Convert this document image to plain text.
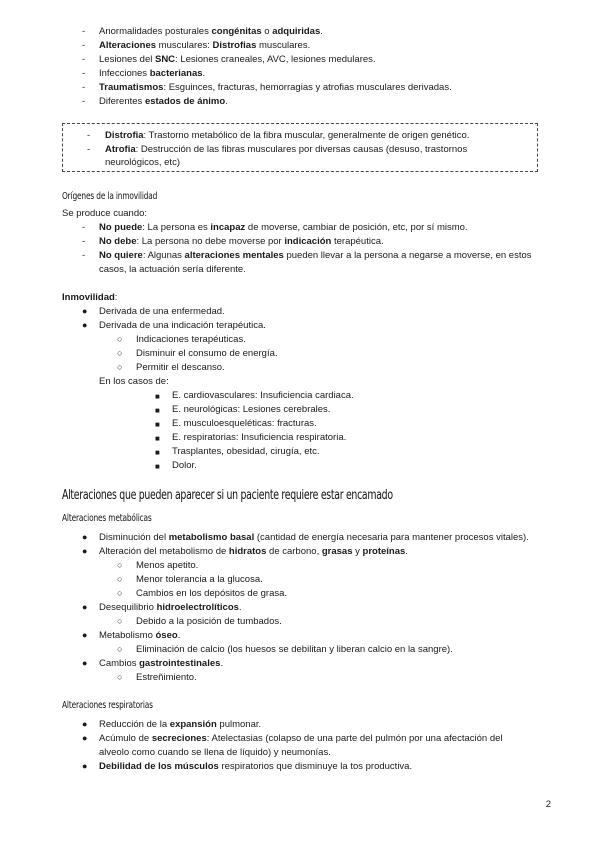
- Anormalidades posturales congénitas o adquiridas.
- Alteraciones musculares: Distrofias musculares.
- Lesiones del SNC: Lesiones craneales, AVC, lesiones medulares.
- Infecciones bacterianas.
- Traumatismos: Esguinces, fracturas, hemorragias y atrofias musculares derivadas.
- Diferentes estados de ánimo.
- Distrofia: Trastorno metabólico de la fibra muscular, generalmente de origen genético.
- Atrofia: Destrucción de las fibras musculares por diversas causas (desuso, trastornos
neurológicos, etc)
Orígenes de la inmovilidad
Se produce cuando:
- No puede: La persona es incapaz de moverse, cambiar de posición, etc, por sí mismo.
- No debe: La persona no debe moverse por indicación terapéutica.
- No quiere: Algunas alteraciones mentales pueden llevar a la persona a negarse a moverse, en estos
casos, la actuación sería diferente.
Inmovilidad:
● Derivada de una enfermedad.
● Derivada de una indicación terapéutica.
○ Indicaciones terapéuticas.
○ Disminuir el consumo de energía.
○ Permitir el descanso.
En los casos de:
■ E. cardiovasculares: Insuficiencia cardiaca.
■ E. neurológicas: Lesiones cerebrales.
■ E. musculoesqueléticas: fracturas.
■ E. respiratorias: Insuficiencia respiratoria.
■ Trasplantes, obesidad, cirugía, etc.
■ Dolor.
Alteraciones que pueden aparecer si un paciente requiere estar encamado
Alteraciones metabólicas
● Disminución del metabolismo basal (cantidad de energía necesaria para mantener procesos vitales).
● Alteración del metabolismo de hidratos de carbono, grasas y proteínas.
○ Menos apetito.
○ Menor tolerancia a la glucosa.
○ Cambios en los depósitos de grasa.
● Desequilibrio hidroelectrolíticos.
○ Debido a la posición de tumbados.
● Metabolismo óseo.
○ Eliminación de calcio (los huesos se debilitan y liberan calcio en la sangre).
● Cambios gastrointestinales.
○ Estreñimiento.
Alteraciones respiratorias
● Reducción de la expansión pulmonar.
● Acúmulo de secreciones: Atelectasias (colapso de una parte del pulmón por una afectación del
alveolo como cuando se llena de líquido) y neumonías.
● Debilidad de los músculos respiratorios que disminuye la tos productiva.
2
